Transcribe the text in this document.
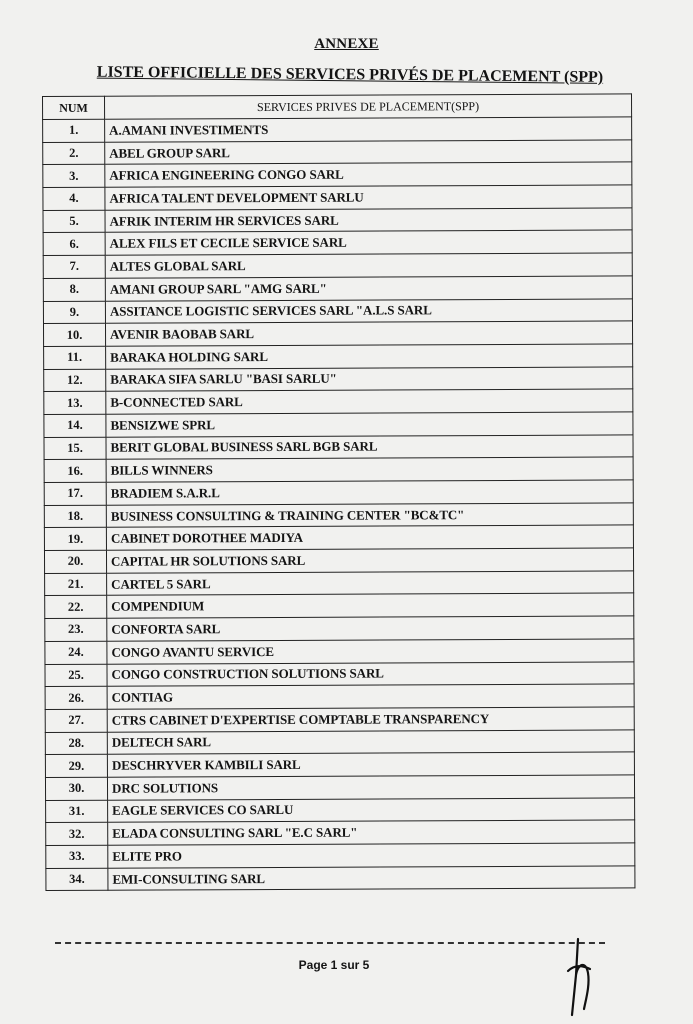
ANNEXE
LISTE OFFICIELLE DES SERVICES PRIVÉS DE PLACEMENT (SPP)
NUM	SERVICES PRIVES DE PLACEMENT(SPP)
1.	A.AMANI INVESTIMENTS
2.	ABEL GROUP SARL
3.	AFRICA ENGINEERING CONGO SARL
4.	AFRICA TALENT DEVELOPMENT SARLU
5.	AFRIK INTERIM HR SERVICES SARL
6.	ALEX FILS ET CECILE SERVICE SARL
7.	ALTES GLOBAL SARL
8.	AMANI GROUP SARL "AMG SARL"
9.	ASSITANCE LOGISTIC SERVICES SARL "A.L.S SARL
10.	AVENIR BAOBAB SARL
11.	BARAKA HOLDING SARL
12.	BARAKA SIFA SARLU "BASI SARLU"
13.	B-CONNECTED SARL
14.	BENSIZWE SPRL
15.	BERIT GLOBAL BUSINESS SARL BGB SARL
16.	BILLS WINNERS
17.	BRADIEM S.A.R.L
18.	BUSINESS CONSULTING & TRAINING CENTER "BC&TC"
19.	CABINET DOROTHEE MADIYA
20.	CAPITAL HR SOLUTIONS SARL
21.	CARTEL 5 SARL
22.	COMPENDIUM
23.	CONFORTA SARL
24.	CONGO AVANTU SERVICE
25.	CONGO CONSTRUCTION SOLUTIONS SARL
26.	CONTIAG
27.	CTRS CABINET D'EXPERTISE COMPTABLE TRANSPARENCY
28.	DELTECH SARL
29.	DESCHRYVER KAMBILI SARL
30.	DRC SOLUTIONS
31.	EAGLE SERVICES CO SARLU
32.	ELADA CONSULTING SARL "E.C SARL"
33.	ELITE PRO
34.	EMI-CONSULTING SARL
Page 1 sur 5
